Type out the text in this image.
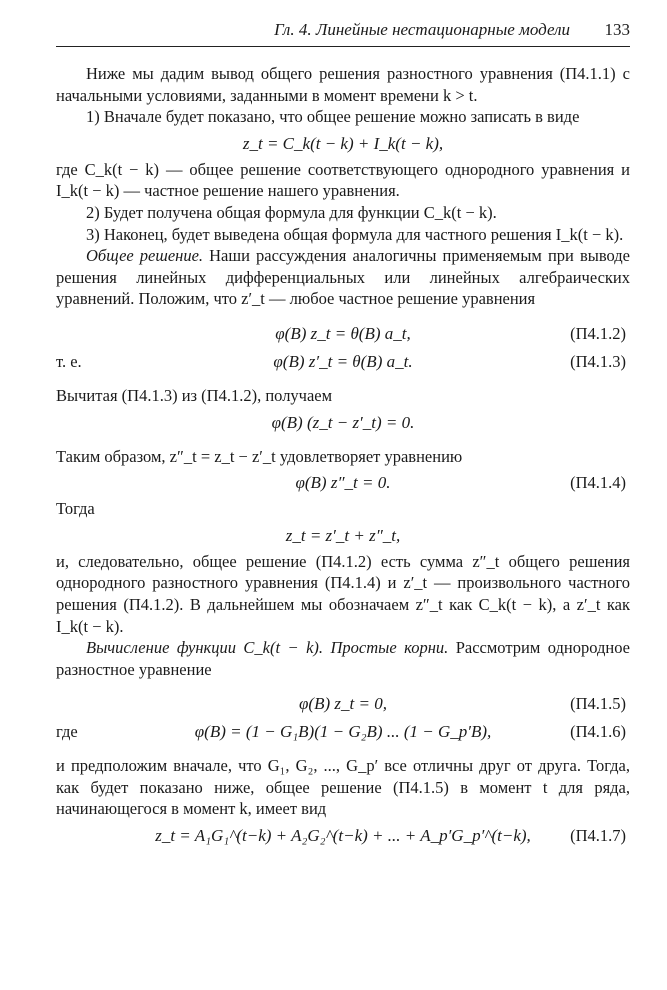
Гл. 4. Линейные нестационарные модели 133

Ниже мы дадим вывод общего решения разностного уравнения (П4.1.1) с начальными условиями, заданными в момент времени k > t.

1) Вначале будет показано, что общее решение можно записать в виде

z_t = C_k(t − k) + I_k(t − k),

где C_k(t − k) — общее решение соответствующего однородного уравнения и I_k(t − k) — частное решение нашего уравнения.

2) Будет получена общая формула для функции C_k(t − k).

3) Наконец, будет выведена общая формула для частного решения I_k(t − k).

Общее решение. Наши рассуждения аналогичны применяемым при выводе решения линейных дифференциальных или линейных алгебраических уравнений. Положим, что z′_t — любое частное решение уравнения

φ(B) z_t = θ(B) a_t,	(П4.1.2)
т. е.	φ(B) z′_t = θ(B) a_t.	(П4.1.3)

Вычитая (П4.1.3) из (П4.1.2), получаем

φ(B) (z_t − z′_t) = 0.

Таким образом, z″_t = z_t − z′_t удовлетворяет уравнению

φ(B) z″_t = 0.	(П4.1.4)

Тогда

z_t = z′_t + z″_t,

и, следовательно, общее решение (П4.1.2) есть сумма z″_t общего решения однородного разностного уравнения (П4.1.4) и z′_t — произвольного частного решения (П4.1.2). В дальнейшем мы обозначаем z″_t как C_k(t − k), а z′_t как I_k(t − k).

Вычисление функции C_k(t − k). Простые корни. Рассмотрим однородное разностное уравнение

φ(B) z_t = 0,	(П4.1.5)
где	φ(B) = (1 − G₁B)(1 − G₂B) ... (1 − G_p′B),	(П4.1.6)

и предположим вначале, что G₁, G₂, ..., G_p′ все отличны друг от друга. Тогда, как будет показано ниже, общее решение (П4.1.5) в момент t для ряда, начинающегося в момент k, имеет вид

z_t = A₁G₁^(t−k) + A₂G₂^(t−k) + ... + A_p′G_p′^(t−k),	(П4.1.7)
